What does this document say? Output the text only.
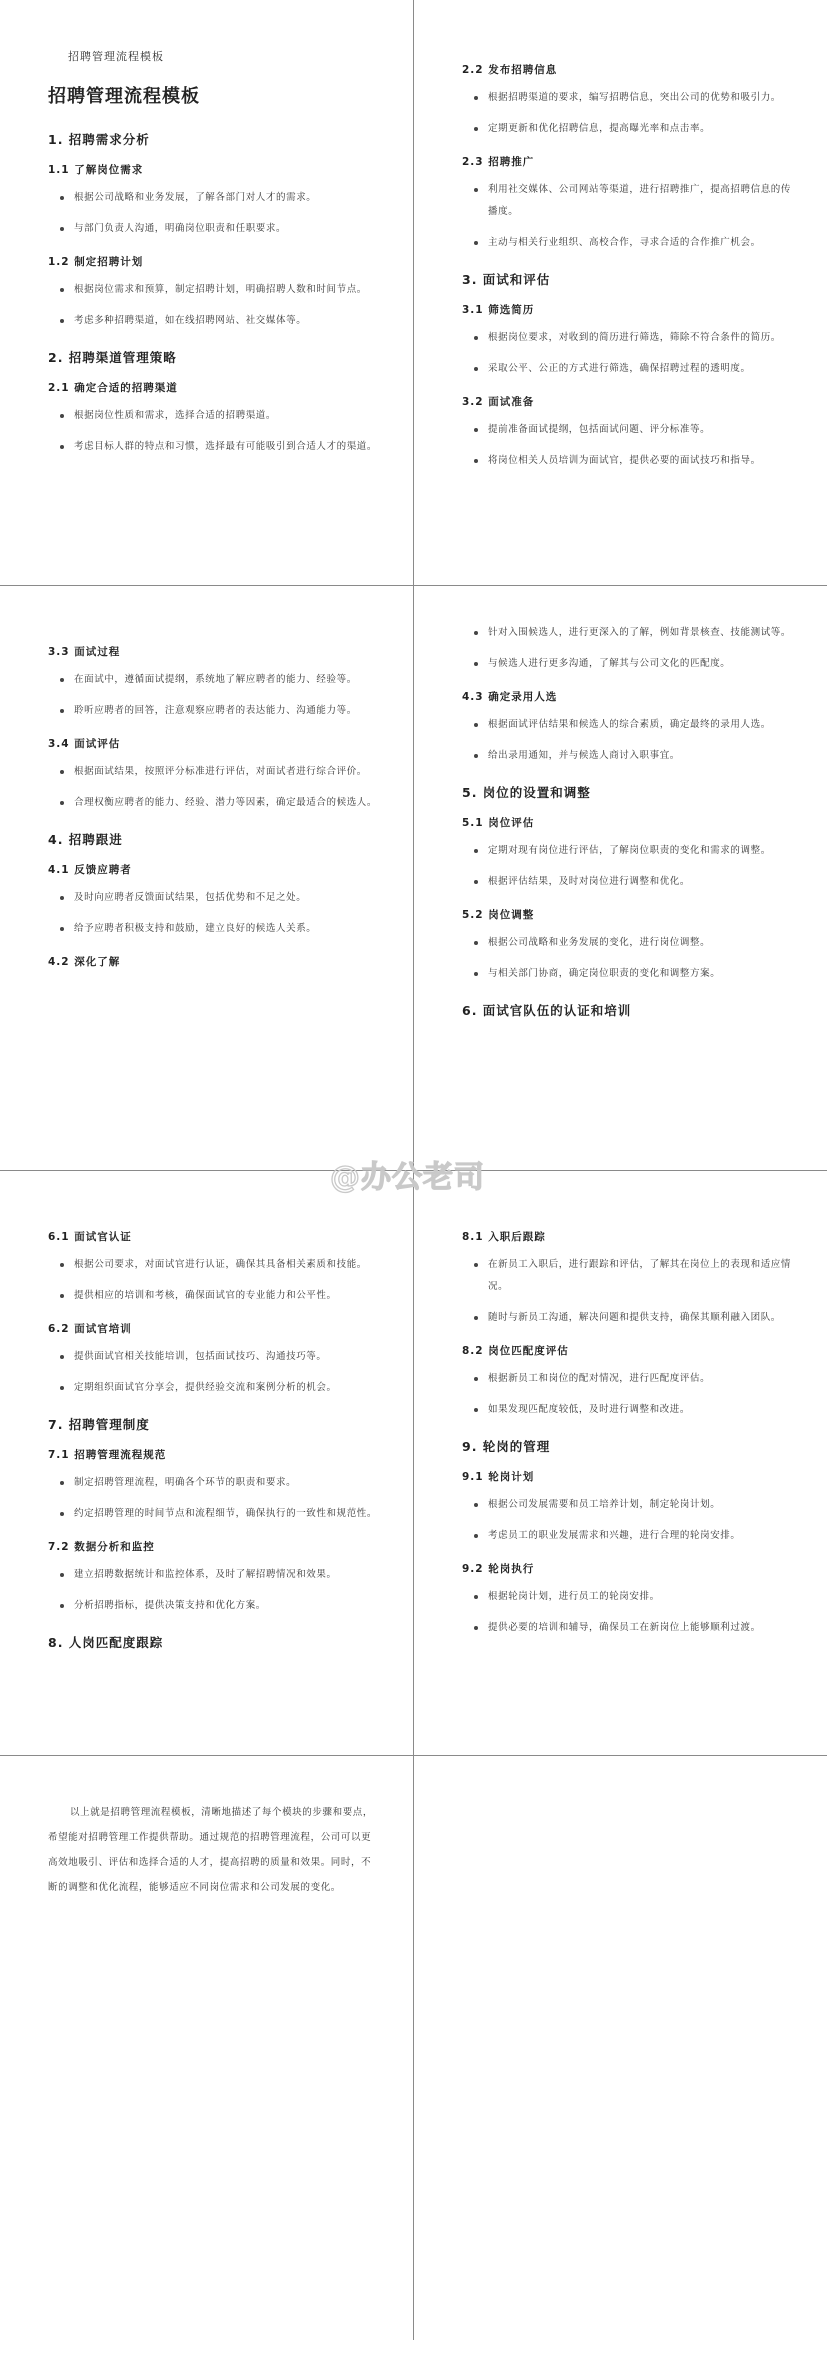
招聘管理流程模板
招聘管理流程模板
1. 招聘需求分析
1.1 了解岗位需求
根据公司战略和业务发展，了解各部门对人才的需求。
与部门负责人沟通，明确岗位职责和任职要求。
1.2 制定招聘计划
根据岗位需求和预算，制定招聘计划，明确招聘人数和时间节点。
考虑多种招聘渠道，如在线招聘网站、社交媒体等。
2. 招聘渠道管理策略
2.1 确定合适的招聘渠道
根据岗位性质和需求，选择合适的招聘渠道。
考虑目标人群的特点和习惯，选择最有可能吸引到合适人才的渠道。
2.2 发布招聘信息
根据招聘渠道的要求，编写招聘信息，突出公司的优势和吸引力。
定期更新和优化招聘信息，提高曝光率和点击率。
2.3 招聘推广
利用社交媒体、公司网站等渠道，进行招聘推广，提高招聘信息的传播度。
主动与相关行业组织、高校合作，寻求合适的合作推广机会。
3. 面试和评估
3.1 筛选简历
根据岗位要求，对收到的简历进行筛选，筛除不符合条件的简历。
采取公平、公正的方式进行筛选，确保招聘过程的透明度。
3.2 面试准备
提前准备面试提纲，包括面试问题、评分标准等。
将岗位相关人员培训为面试官，提供必要的面试技巧和指导。
3.3 面试过程
在面试中，遵循面试提纲，系统地了解应聘者的能力、经验等。
聆听应聘者的回答，注意观察应聘者的表达能力、沟通能力等。
3.4 面试评估
根据面试结果，按照评分标准进行评估，对面试者进行综合评价。
合理权衡应聘者的能力、经验、潜力等因素，确定最适合的候选人。
4. 招聘跟进
4.1 反馈应聘者
及时向应聘者反馈面试结果，包括优势和不足之处。
给予应聘者积极支持和鼓励，建立良好的候选人关系。
4.2 深化了解
针对入围候选人，进行更深入的了解，例如背景核查、技能测试等。
与候选人进行更多沟通，了解其与公司文化的匹配度。
4.3 确定录用人选
根据面试评估结果和候选人的综合素质，确定最终的录用人选。
给出录用通知，并与候选人商讨入职事宜。
5. 岗位的设置和调整
5.1 岗位评估
定期对现有岗位进行评估，了解岗位职责的变化和需求的调整。
根据评估结果，及时对岗位进行调整和优化。
5.2 岗位调整
根据公司战略和业务发展的变化，进行岗位调整。
与相关部门协商，确定岗位职责的变化和调整方案。
6. 面试官队伍的认证和培训
6.1 面试官认证
根据公司要求，对面试官进行认证，确保其具备相关素质和技能。
提供相应的培训和考核，确保面试官的专业能力和公平性。
6.2 面试官培训
提供面试官相关技能培训，包括面试技巧、沟通技巧等。
定期组织面试官分享会，提供经验交流和案例分析的机会。
7. 招聘管理制度
7.1 招聘管理流程规范
制定招聘管理流程，明确各个环节的职责和要求。
约定招聘管理的时间节点和流程细节，确保执行的一致性和规范性。
7.2 数据分析和监控
建立招聘数据统计和监控体系，及时了解招聘情况和效果。
分析招聘指标，提供决策支持和优化方案。
8. 人岗匹配度跟踪
8.1 入职后跟踪
在新员工入职后，进行跟踪和评估，了解其在岗位上的表现和适应情况。
随时与新员工沟通，解决问题和提供支持，确保其顺利融入团队。
8.2 岗位匹配度评估
根据新员工和岗位的配对情况，进行匹配度评估。
如果发现匹配度较低，及时进行调整和改进。
9. 轮岗的管理
9.1 轮岗计划
根据公司发展需要和员工培养计划，制定轮岗计划。
考虑员工的职业发展需求和兴趣，进行合理的轮岗安排。
9.2 轮岗执行
根据轮岗计划，进行员工的轮岗安排。
提供必要的培训和辅导，确保员工在新岗位上能够顺利过渡。

以上就是招聘管理流程模板，清晰地描述了每个模块的步骤和要点，希望能对招聘管理工作提供帮助。通过规范的招聘管理流程，公司可以更高效地吸引、评估和选择合适的人才，提高招聘的质量和效果。同时，不断的调整和优化流程，能够适应不同岗位需求和公司发展的变化。

@办公老司
